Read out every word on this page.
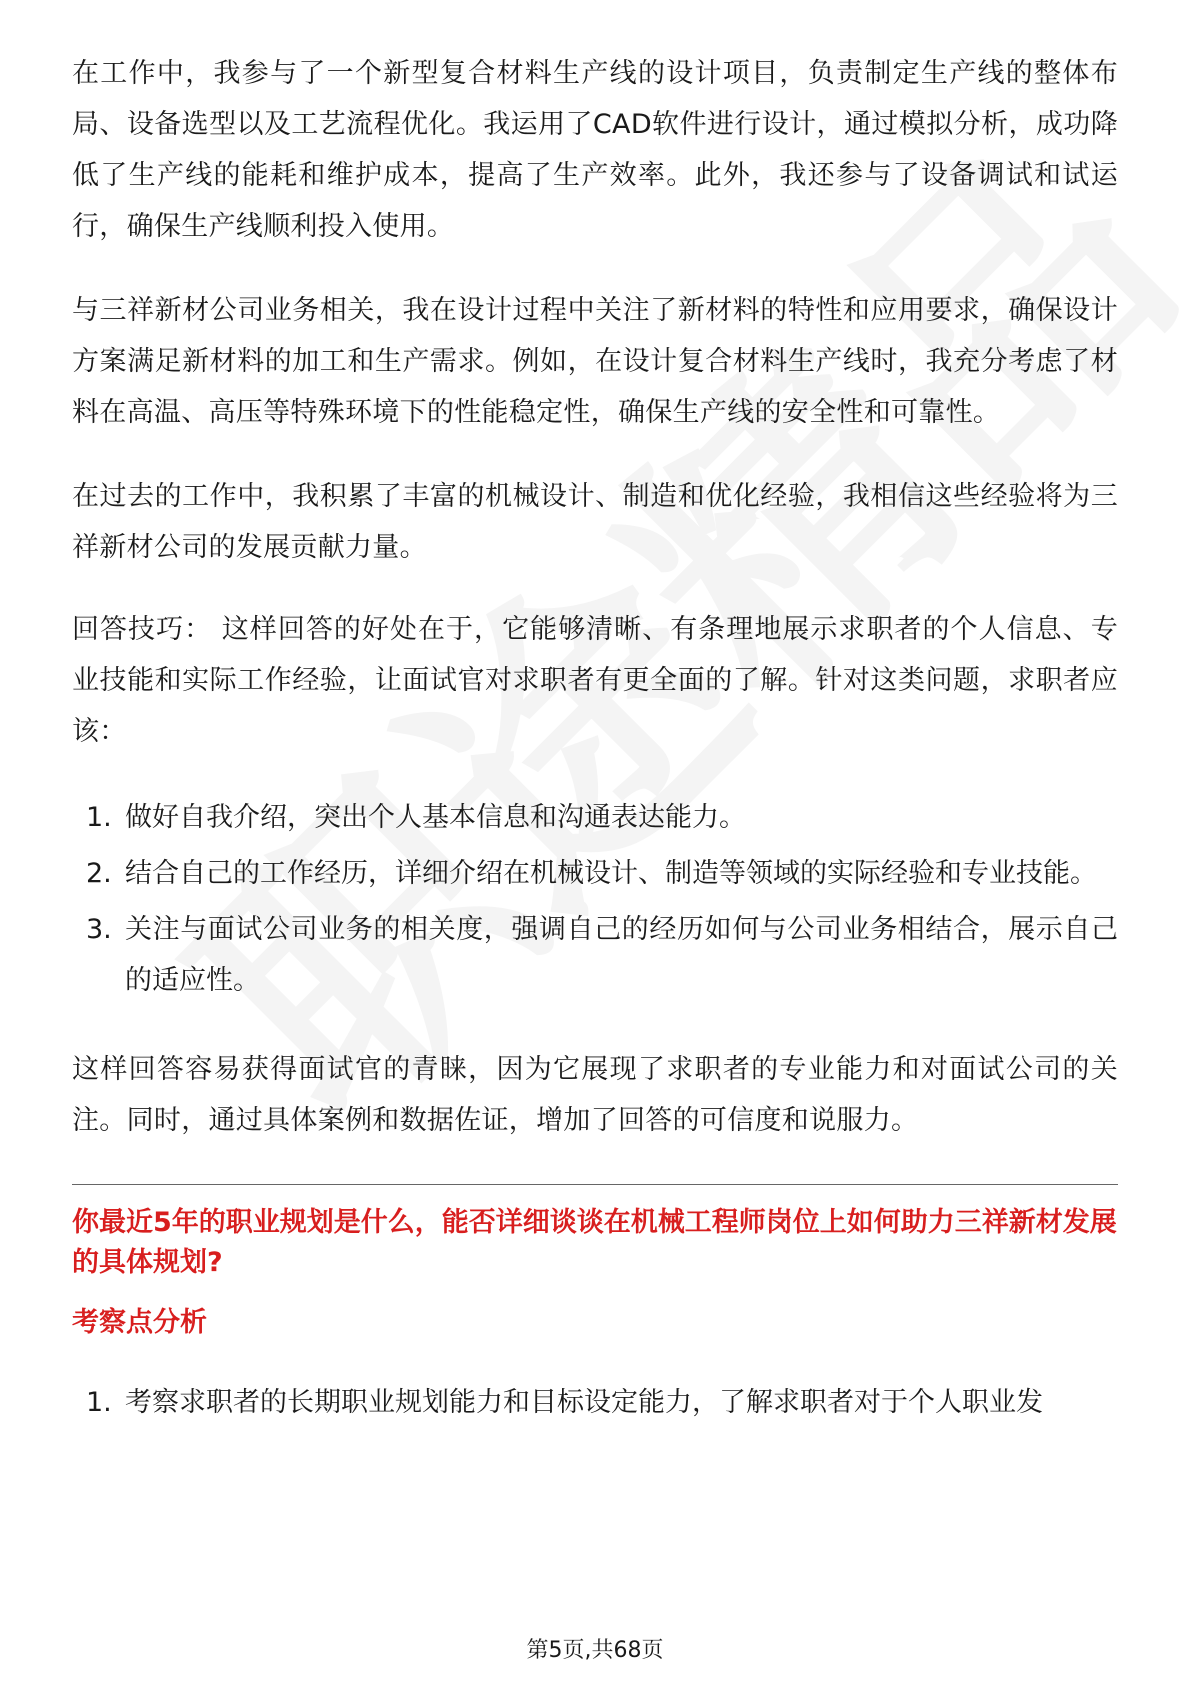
在工作中，我参与了一个新型复合材料生产线的设计项目，负责制定生产线的整体布局、设备选型以及工艺流程优化。我运用了CAD软件进行设计，通过模拟分析，成功降低了生产线的能耗和维护成本，提高了生产效率。此外，我还参与了设备调试和试运行，确保生产线顺利投入使用。

与三祥新材公司业务相关，我在设计过程中关注了新材料的特性和应用要求，确保设计方案满足新材料的加工和生产需求。例如，在设计复合材料生产线时，我充分考虑了材料在高温、高压等特殊环境下的性能稳定性，确保生产线的安全性和可靠性。

在过去的工作中，我积累了丰富的机械设计、制造和优化经验，我相信这些经验将为三祥新材公司的发展贡献力量。

回答技巧： 这样回答的好处在于，它能够清晰、有条理地展示求职者的个人信息、专业技能和实际工作经验，让面试官对求职者有更全面的了解。针对这类问题，求职者应该：

1. 做好自我介绍，突出个人基本信息和沟通表达能力。
2. 结合自己的工作经历，详细介绍在机械设计、制造等领域的实际经验和专业技能。
3. 关注与面试公司业务的相关度，强调自己的经历如何与公司业务相结合，展示自己的适应性。

这样回答容易获得面试官的青睐，因为它展现了求职者的专业能力和对面试公司的关注。同时，通过具体案例和数据佐证，增加了回答的可信度和说服力。

你最近5年的职业规划是什么，能否详细谈谈在机械工程师岗位上如何助力三祥新材发展的具体规划?
考察点分析
1. 考察求职者的长期职业规划能力和目标设定能力，了解求职者对于个人职业发
第5页,共68页
